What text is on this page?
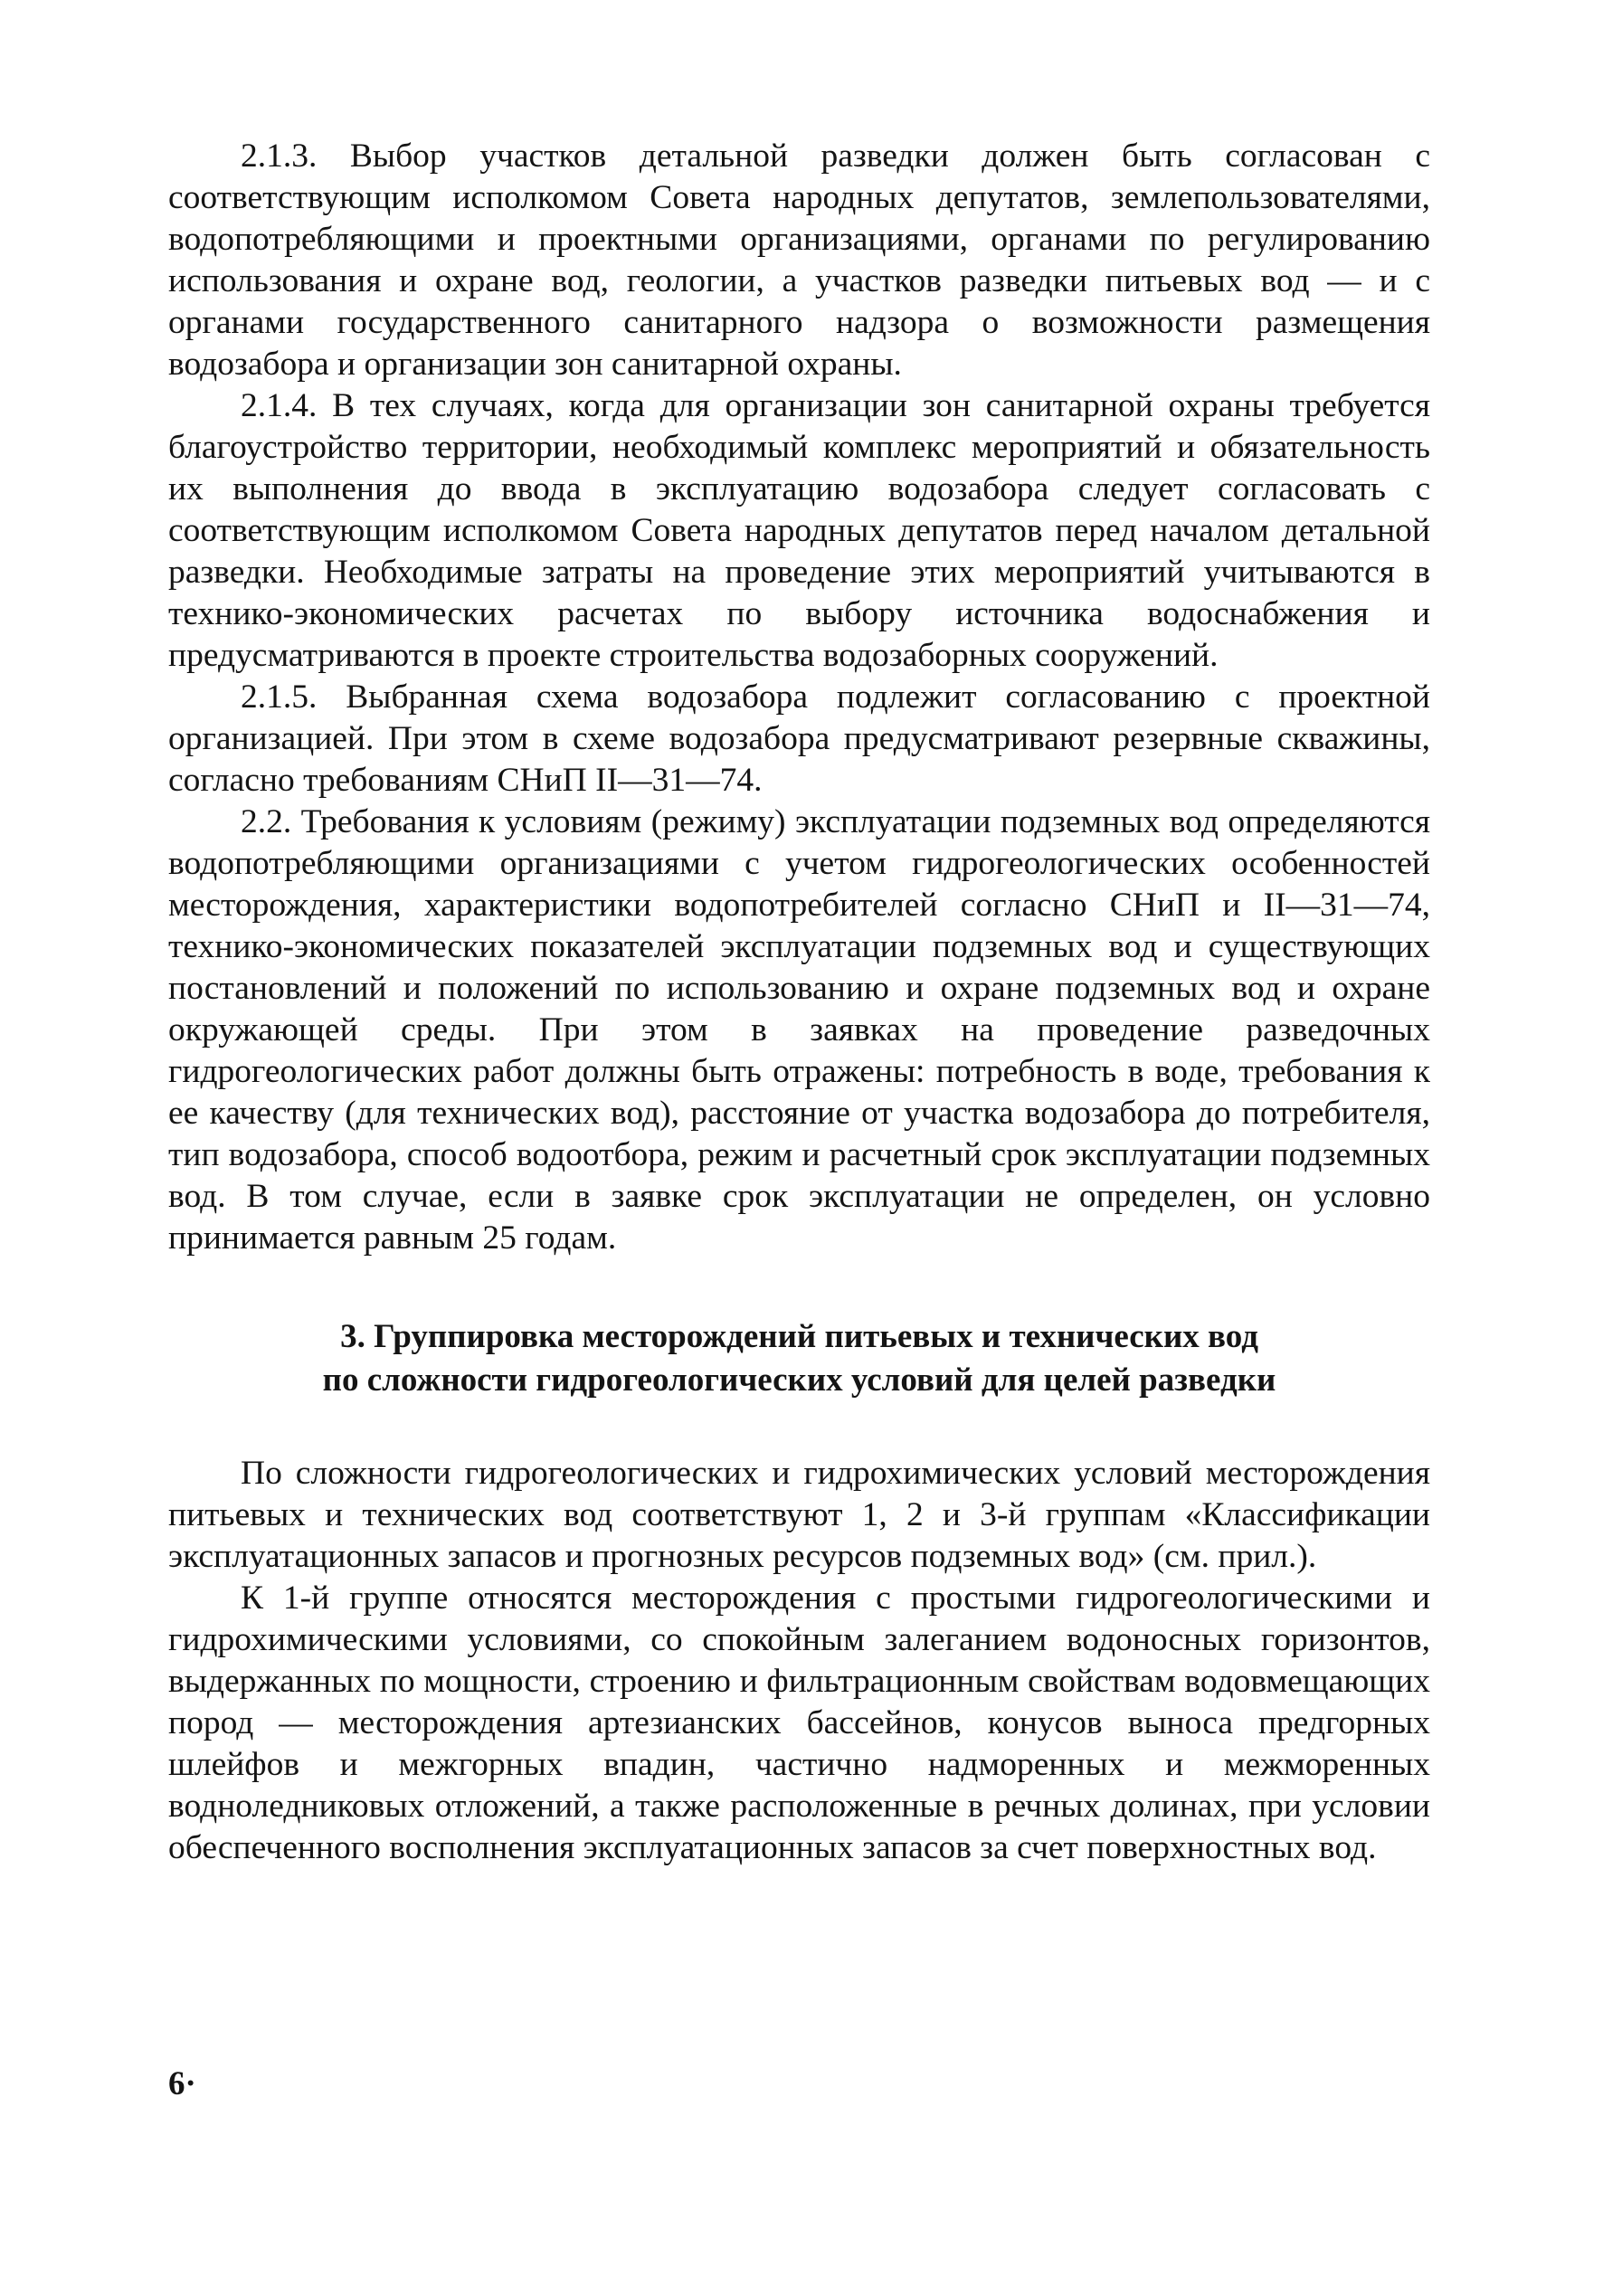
2.1.3. Выбор участков детальной разведки должен быть согласован с соответствующим исполкомом Совета народных депутатов, землепользователями, водопотребляющими и проектными организациями, органами по регулированию использования и охране вод, геологии, а участков разведки питьевых вод — и с органами государственного санитарного надзора о возможности размещения водозабора и организации зон санитарной охраны.

2.1.4. В тех случаях, когда для организации зон санитарной охраны требуется благоустройство территории, необходимый комплекс мероприятий и обязательность их выполнения до ввода в эксплуатацию водозабора следует согласовать с соответствующим исполкомом Совета народных депутатов перед началом детальной разведки. Необходимые затраты на проведение этих мероприятий учитываются в технико-экономических расчетах по выбору источника водоснабжения и предусматриваются в проекте строительства водозаборных сооружений.

2.1.5. Выбранная схема водозабора подлежит согласованию с проектной организацией. При этом в схеме водозабора предусматривают резервные скважины, согласно требованиям СНиП II—31—74.

2.2. Требования к условиям (режиму) эксплуатации подземных вод определяются водопотребляющими организациями с учетом гидрогеологических особенностей месторождения, характеристики водопотребителей согласно СНиП и II—31—74, технико-экономических показателей эксплуатации подземных вод и существующих постановлений и положений по использованию и охране подземных вод и охране окружающей среды. При этом в заявках на проведение разведочных гидрогеологических работ должны быть отражены: потребность в воде, требования к ее качеству (для технических вод), расстояние от участка водозабора до потребителя, тип водозабора, способ водоотбора, режим и расчетный срок эксплуатации подземных вод. В том случае, если в заявке срок эксплуатации не определен, он условно принимается равным 25 годам.

3. Группировка месторождений питьевых и технических вод
по сложности гидрогеологических условий для целей разведки

По сложности гидрогеологических и гидрохимических условий месторождения питьевых и технических вод соответствуют 1, 2 и 3-й группам «Классификации эксплуатационных запасов и прогнозных ресурсов подземных вод» (см. прил.).

К 1-й группе относятся месторождения с простыми гидрогеологическими и гидрохимическими условиями, со спокойным залеганием водоносных горизонтов, выдержанных по мощности, строению и фильтрационным свойствам водовмещающих пород — месторождения артезианских бассейнов, конусов выноса предгорных шлейфов и межгорных впадин, частично надморенных и межморенных водноледниковых отложений, а также расположенные в речных долинах, при условии обеспеченного восполнения эксплуатационных запасов за счет поверхностных вод.

6·
